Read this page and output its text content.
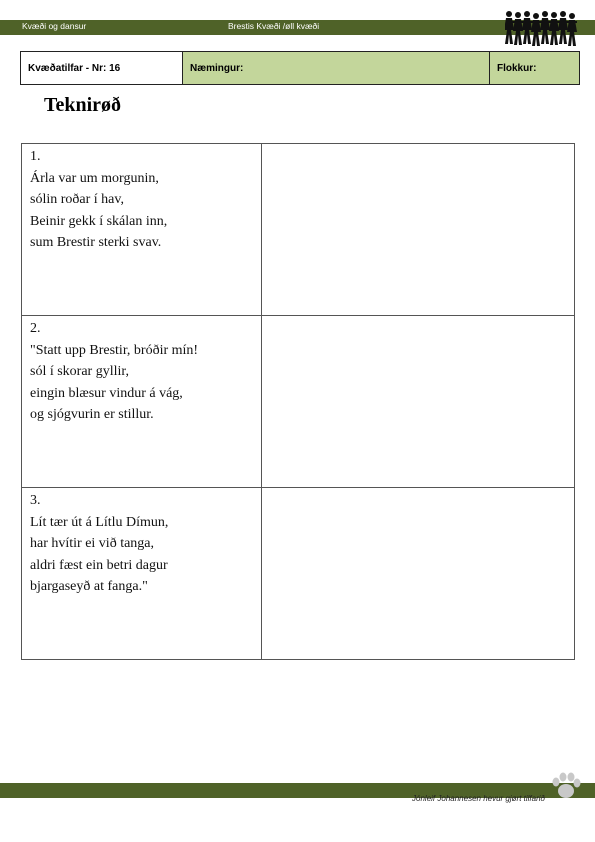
Kvæði og dansur	Brestis Kvæði /øll kvæði
Kvæðatilfar - Nr: 16	Næmingur:	Flokkur:
Teknirøð
1.
Árla var um morgunin,
sólin roðar í hav,
Beinir gekk í skálan inn,
sum Brestir sterki svav.	

2.
"Statt upp Brestir, bróðir mín!
sól í skorar gyllir,
eingin blæsur vindur á vág,
og sjógvurin er stillur.	

3.
Lít tær út á Lítlu Dímun,
har hvítir ei við tanga,
aldri fæst ein betri dagur
bjargaseyð at fanga."	

Jónleif Johannesen hevur gjørt tilfarið
